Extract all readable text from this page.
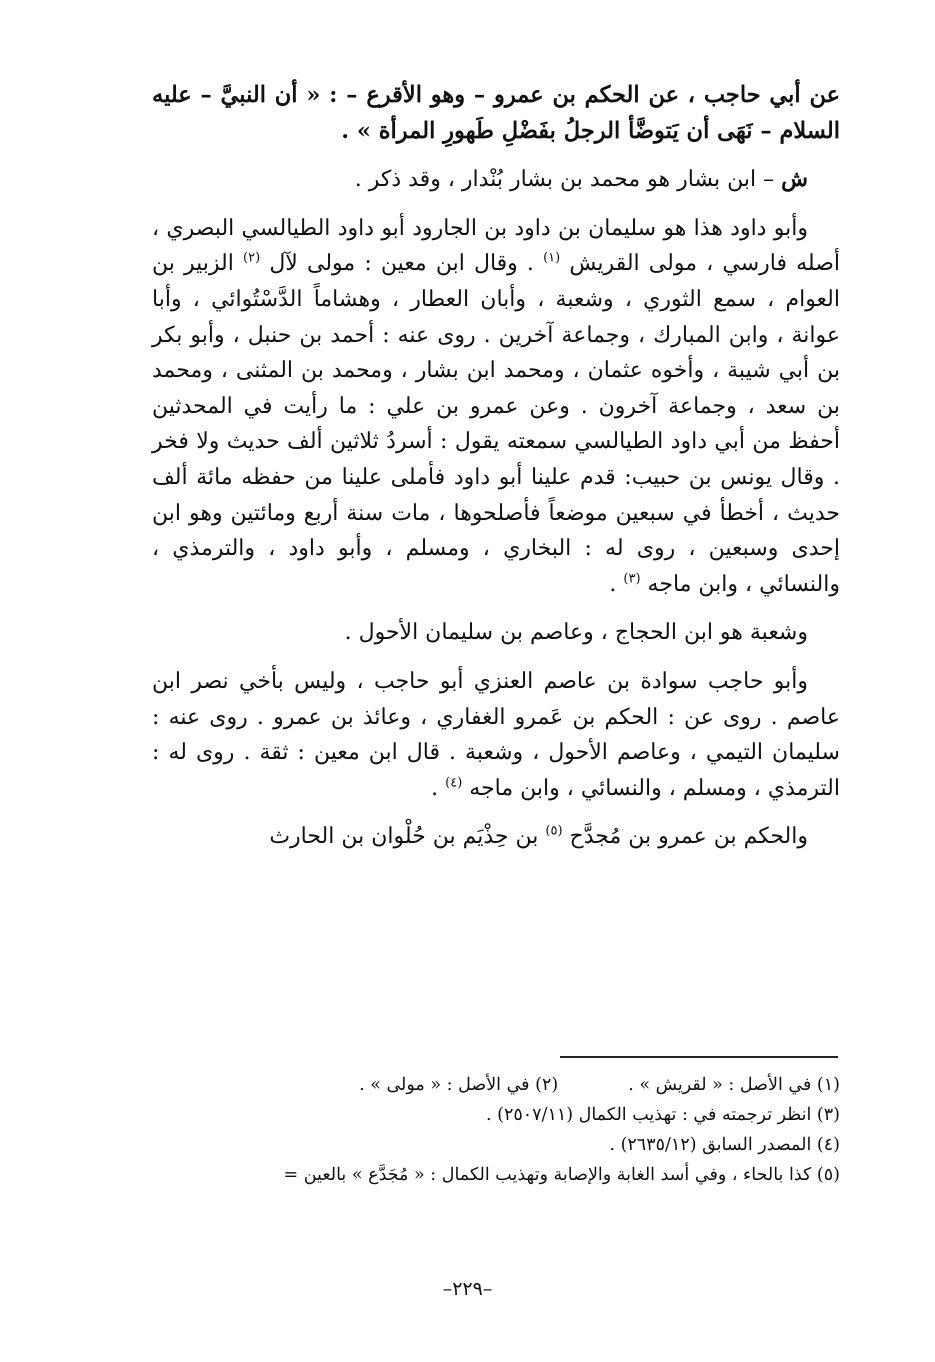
عن أبي حاجب ، عن الحكم بن عمرو – وهو الأقرع – : « أن النبيَّ – عليه السلام – نَهَى أن يَتوضَّأ الرجلُ بفَضْلِ طَهورِ المرأة » .

ش – ابن بشار هو محمد بن بشار بُنْدار ، وقد ذكر .

وأبو داود هذا هو سليمان بن داود بن الجارود أبو داود الطيالسي البصري ، أصله فارسي ، مولى القريش $^{(١)}$ . وقال ابن معين : مولى لآل $^{(٢)}$ الزبير بن العوام ، سمع الثوري ، وشعبة ، وأبان العطار ، وهشاماً الدَّسْتُوائي ، وأبا عوانة ، وابن المبارك ، وجماعة آخرين . روى عنه : أحمد بن حنبل ، وأبو بكر بن أبي شيبة ، وأخوه عثمان ، ومحمد ابن بشار ، ومحمد بن المثنى ، ومحمد بن سعد ، وجماعة آخرون . وعن عمرو بن علي : ما رأيت في المحدثين أحفظ من أبي داود الطيالسي سمعته يقول : أسردُ ثلاثين ألف حديث ولا فخر . وقال يونس بن حبيب: قدم علينا أبو داود فأملى علينا من حفظه مائة ألف حديث ، أخطأ في سبعين موضعاً فأصلحوها ، مات سنة أربع ومائتين وهو ابن إحدى وسبعين ، روى له : البخاري ، ومسلم ، وأبو داود ، والترمذي ، والنسائي ، وابن ماجه $^{(٣)}$ .

وشعبة هو ابن الحجاج ، وعاصم بن سليمان الأحول .

وأبو حاجب سوادة بن عاصم العنزي أبو حاجب ، وليس بأخي نصر ابن عاصم . روى عن : الحكم بن عَمرو الغفاري ، وعائذ بن عمرو . روى عنه : سليمان التيمي ، وعاصم الأحول ، وشعبة . قال ابن معين : ثقة . روى له : الترمذي ، ومسلم ، والنسائي ، وابن ماجه $^{(٤)}$ .

والحكم بن عمرو بن مُجدَّح $^{(٥)}$ بن حِذْيَم بن حُلْوان بن الحارث

(١) في الأصل : « لقريش » .(٢) في الأصل : « مولى » .
(٣) انظر ترجمته في : تهذيب الكمال (٢٥٠٧/١١) .
(٤) المصدر السابق (٢٦٣٥/١٢) .
(٥) كذا بالحاء ، وفي أسد الغابة والإصابة وتهذيب الكمال : « مُجَدَّع » بالعين =
–٢٢٩–
